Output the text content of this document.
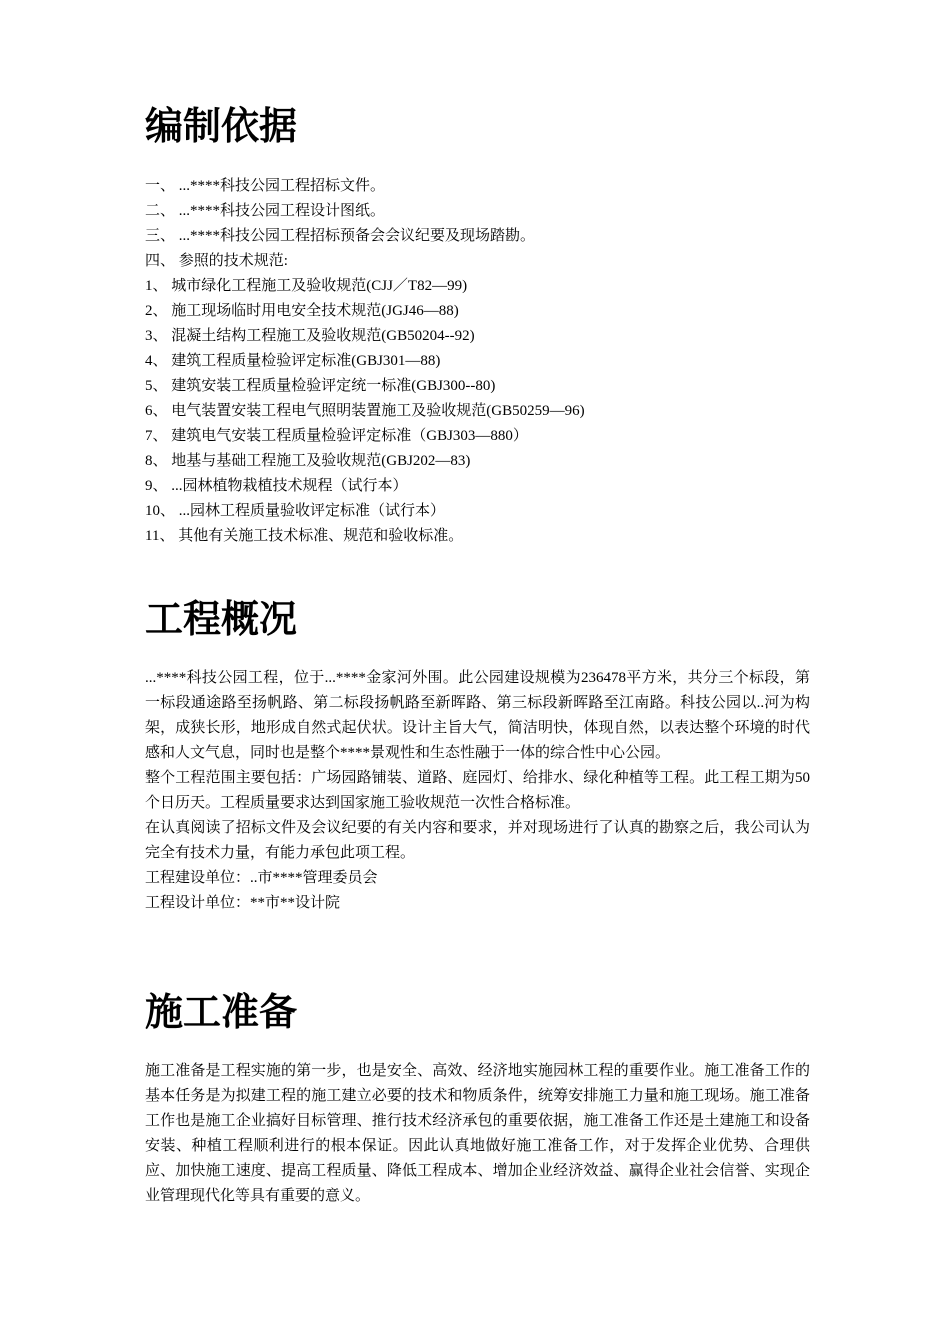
编制依据
一、 ...****科技公园工程招标文件。
二、 ...****科技公园工程设计图纸。
三、 ...****科技公园工程招标预备会会议纪要及现场踏勘。
四、 参照的技术规范:
1、 城市绿化工程施工及验收规范(CJJ／T82—99)
2、 施工现场临时用电安全技术规范(JGJ46—88)
3、 混凝土结构工程施工及验收规范(GB50204--92)
4、 建筑工程质量检验评定标准(GBJ301—88)
5、 建筑安装工程质量检验评定统一标准(GBJ300--80)
6、 电气装置安装工程电气照明装置施工及验收规范(GB50259—96)
7、 建筑电气安装工程质量检验评定标准（GBJ303—880）
8、 地基与基础工程施工及验收规范(GBJ202—83)
9、 ...园林植物栽植技术规程（试行本）
10、 ...园林工程质量验收评定标准（试行本）
11、 其他有关施工技术标准、规范和验收标准。
工程概况

...****科技公园工程，位于...****金家河外围。此公园建设规模为236478平方米，共分三个标段，第一标段通途路至扬帆路、第二标段扬帆路至新晖路、第三标段新晖路至江南路。科技公园以..河为构架，成狭长形，地形成自然式起伏状。设计主旨大气，简洁明快，体现自然，以表达整个环境的时代感和人文气息，同时也是整个****景观性和生态性融于一体的综合性中心公园。

整个工程范围主要包括：广场园路铺装、道路、庭园灯、给排水、绿化种植等工程。此工程工期为50个日历天。工程质量要求达到国家施工验收规范一次性合格标准。

在认真阅读了招标文件及会议纪要的有关内容和要求，并对现场进行了认真的勘察之后，我公司认为完全有技术力量，有能力承包此项工程。

工程建设单位：..市****管理委员会

工程设计单位：**市**设计院

施工准备

施工准备是工程实施的第一步，也是安全、高效、经济地实施园林工程的重要作业。施工准备工作的基本任务是为拟建工程的施工建立必要的技术和物质条件，统筹安排施工力量和施工现场。施工准备工作也是施工企业搞好目标管理、推行技术经济承包的重要依据，施工准备工作还是土建施工和设备安装、种植工程顺利进行的根本保证。因此认真地做好施工准备工作，对于发挥企业优势、合理供应、加快施工速度、提高工程质量、降低工程成本、增加企业经济效益、赢得企业社会信誉、实现企业管理现代化等具有重要的意义。
